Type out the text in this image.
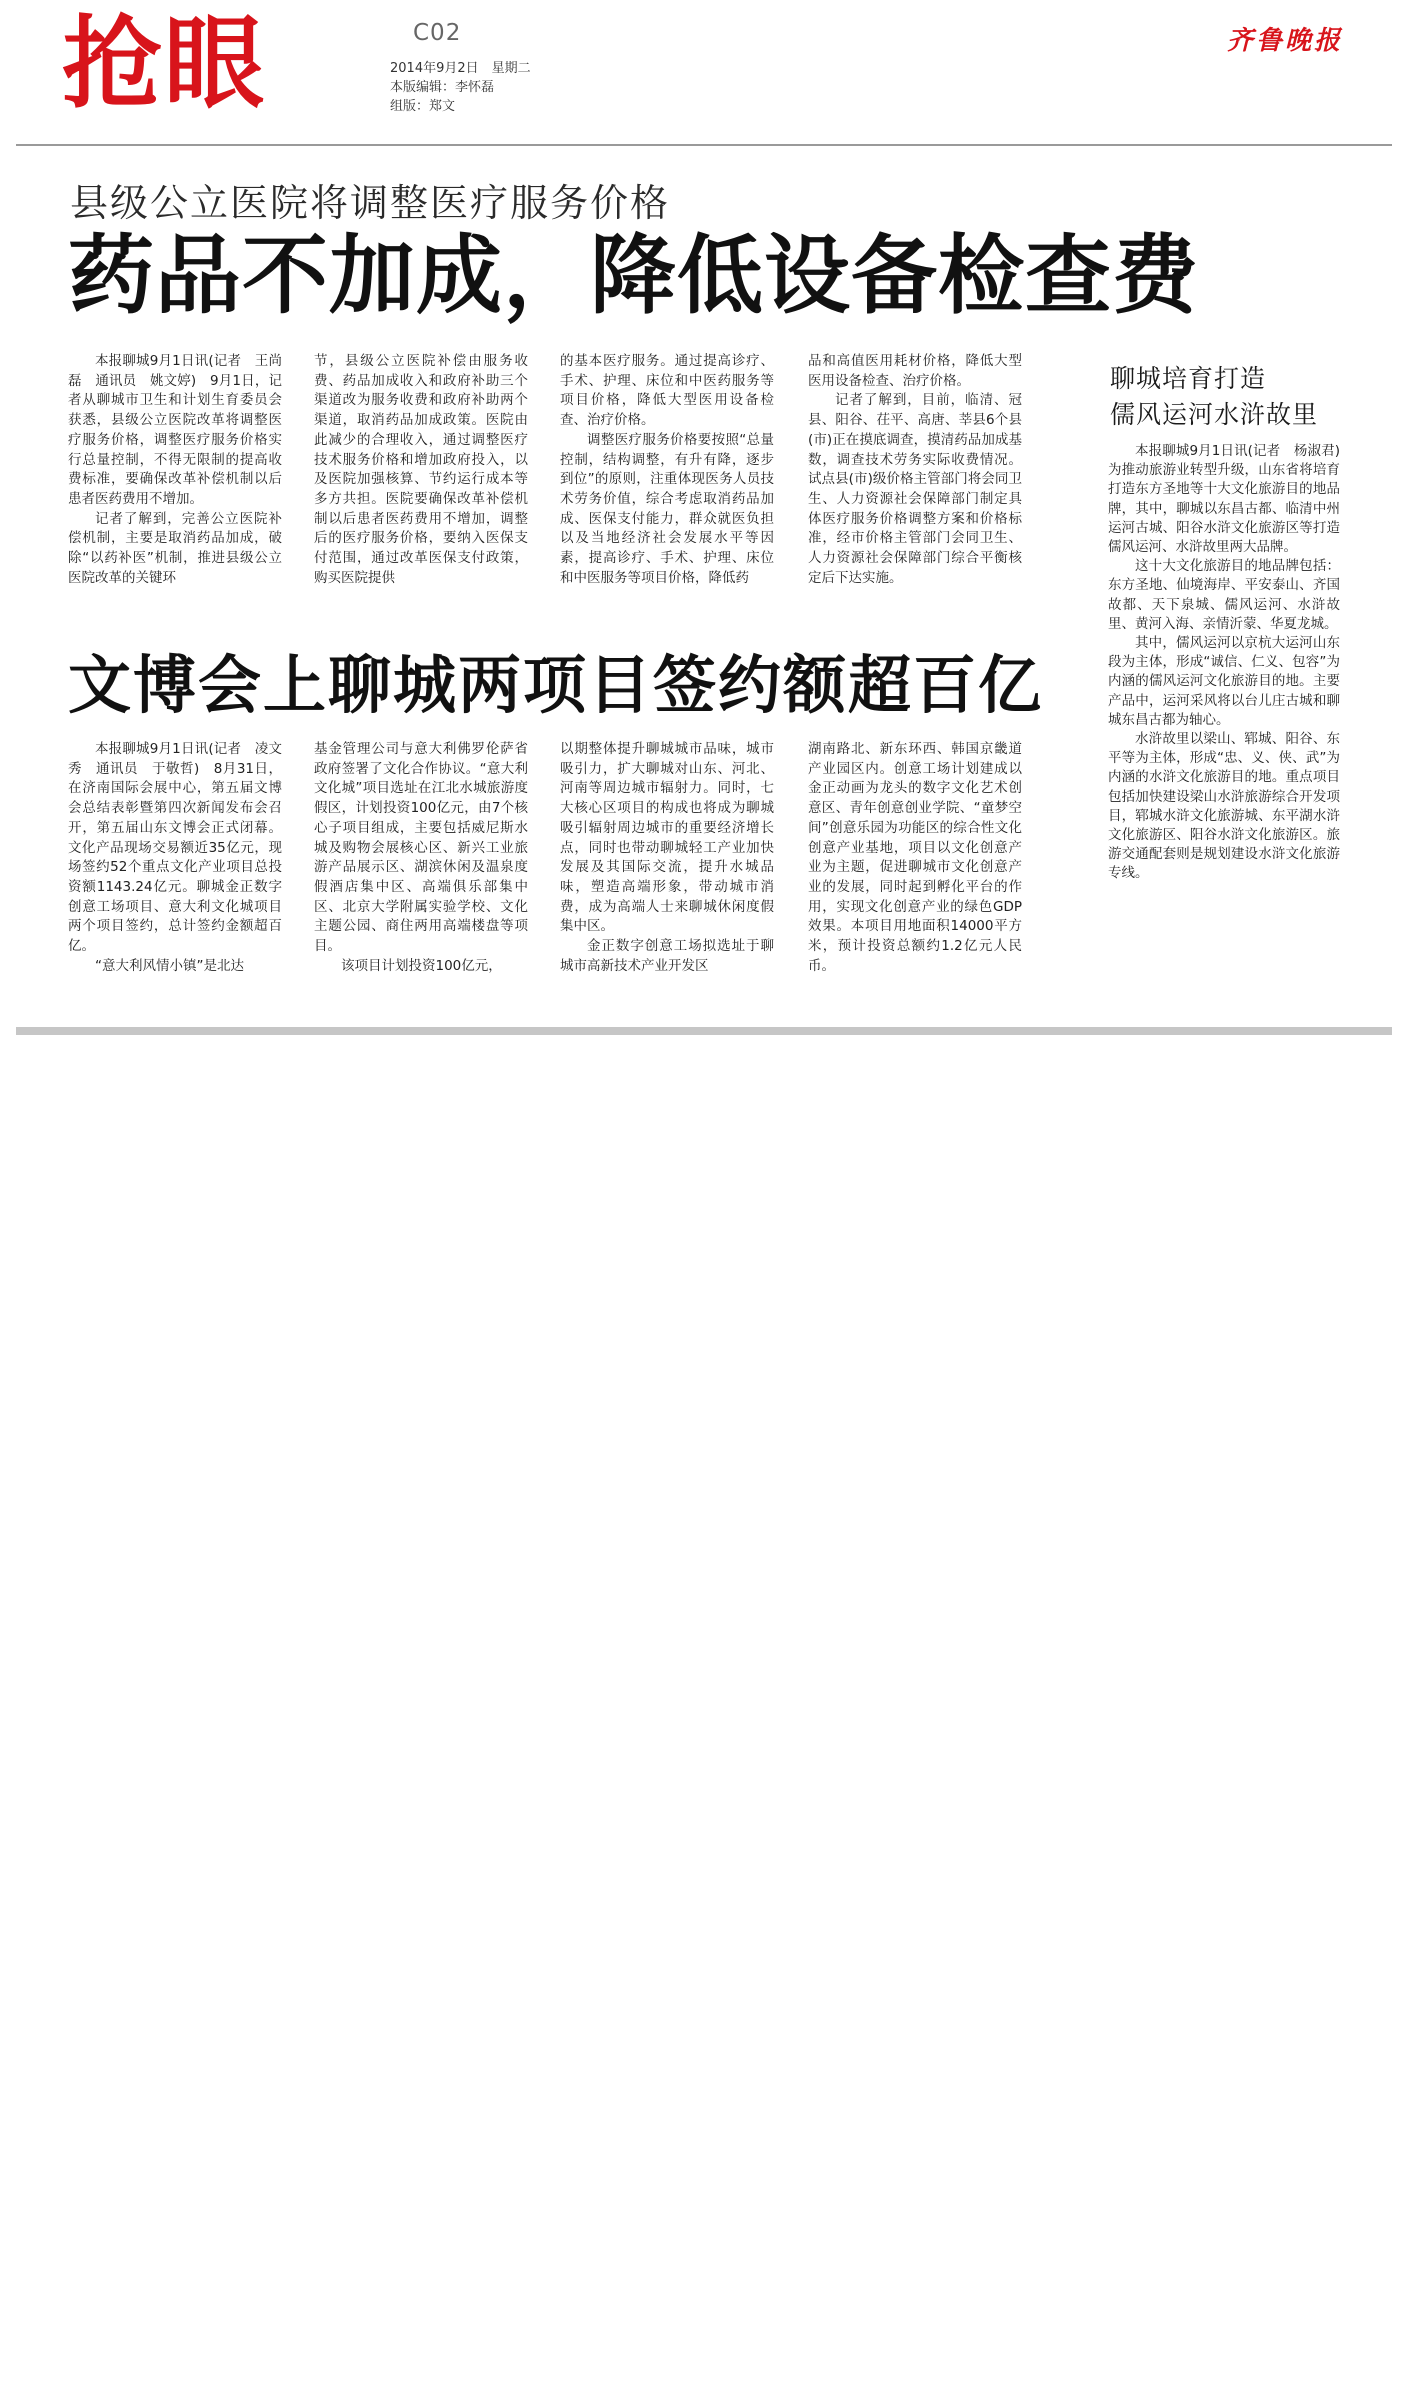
抢眼	C02
2014年9月2日　星期二
本版编辑：李怀磊
组版：郑文
齐鲁晚报
县级公立医院将调整医疗服务价格
药品不加成，降低设备检查费

本报聊城9月1日讯(记者　王尚磊　通讯员　姚文婷)　9月1日，记者从聊城市卫生和计划生育委员会获悉，县级公立医院改革将调整医疗服务价格，调整医疗服务价格实行总量控制，不得无限制的提高收费标准，要确保改革补偿机制以后患者医药费用不增加。

记者了解到，完善公立医院补偿机制，主要是取消药品加成，破除“以药补医”机制，推进县级公立医院改革的关键环

节，县级公立医院补偿由服务收费、药品加成收入和政府补助三个渠道改为服务收费和政府补助两个渠道，取消药品加成政策。医院由此减少的合理收入，通过调整医疗技术服务价格和增加政府投入，以及医院加强核算、节约运行成本等多方共担。医院要确保改革补偿机制以后患者医药费用不增加，调整后的医疗服务价格，要纳入医保支付范围，通过改革医保支付政策，购买医院提供

的基本医疗服务。通过提高诊疗、手术、护理、床位和中医药服务等项目价格，降低大型医用设备检查、治疗价格。

调整医疗服务价格要按照“总量控制，结构调整，有升有降，逐步到位”的原则，注重体现医务人员技术劳务价值，综合考虑取消药品加成、医保支付能力，群众就医负担以及当地经济社会发展水平等因素，提高诊疗、手术、护理、床位和中医服务等项目价格，降低药

品和高值医用耗材价格，降低大型医用设备检查、治疗价格。

记者了解到，目前，临清、冠县、阳谷、茌平、高唐、莘县6个县(市)正在摸底调查，摸清药品加成基数，调查技术劳务实际收费情况。试点县(市)级价格主管部门将会同卫生、人力资源社会保障部门制定具体医疗服务价格调整方案和价格标准，经市价格主管部门会同卫生、人力资源社会保障部门综合平衡核定后下达实施。

文博会上聊城两项目签约额超百亿

本报聊城9月1日讯(记者　凌文秀　通讯员　于敬哲)　8月31日，在济南国际会展中心，第五届文博会总结表彰暨第四次新闻发布会召开，第五届山东文博会正式闭幕。文化产品现场交易额近35亿元，现场签约52个重点文化产业项目总投资额1143.24亿元。聊城金正数字创意工场项目、意大利文化城项目两个项目签约，总计签约金额超百亿。

“意大利风情小镇”是北达

基金管理公司与意大利佛罗伦萨省政府签署了文化合作协议。“意大利文化城”项目选址在江北水城旅游度假区，计划投资100亿元，由7个核心子项目组成，主要包括威尼斯水城及购物会展核心区、新兴工业旅游产品展示区、湖滨休闲及温泉度假酒店集中区、高端俱乐部集中区、北京大学附属实验学校、文化主题公园、商住两用高端楼盘等项目。

该项目计划投资100亿元，

以期整体提升聊城城市品味，城市吸引力，扩大聊城对山东、河北、河南等周边城市辐射力。同时，七大核心区项目的构成也将成为聊城吸引辐射周边城市的重要经济增长点，同时也带动聊城轻工产业加快发展及其国际交流，提升水城品味，塑造高端形象，带动城市消费，成为高端人士来聊城休闲度假集中区。

金正数字创意工场拟选址于聊城市高新技术产业开发区

湖南路北、新东环西、韩国京畿道产业园区内。创意工场计划建成以金正动画为龙头的数字文化艺术创意区、青年创意创业学院、“童梦空间”创意乐园为功能区的综合性文化创意产业基地，项目以文化创意产业为主题，促进聊城市文化创意产业的发展，同时起到孵化平台的作用，实现文化创意产业的绿色GDP效果。本项目用地面积14000平方米，预计投资总额约1.2亿元人民币。

聊城培育打造
儒风运河水浒故里

本报聊城9月1日讯(记者　杨淑君)　为推动旅游业转型升级，山东省将培育打造东方圣地等十大文化旅游目的地品牌，其中，聊城以东昌古都、临清中州运河古城、阳谷水浒文化旅游区等打造儒风运河、水浒故里两大品牌。

这十大文化旅游目的地品牌包括：东方圣地、仙境海岸、平安泰山、齐国故都、天下泉城、儒风运河、水浒故里、黄河入海、亲情沂蒙、华夏龙城。

其中，儒风运河以京杭大运河山东段为主体，形成“诚信、仁义、包容”为内涵的儒风运河文化旅游目的地。主要产品中，运河采风将以台儿庄古城和聊城东昌古都为轴心。

水浒故里以梁山、郓城、阳谷、东平等为主体，形成“忠、义、侠、武”为内涵的水浒文化旅游目的地。重点项目包括加快建设梁山水浒旅游综合开发项目，郓城水浒文化旅游城、东平湖水浒文化旅游区、阳谷水浒文化旅游区。旅游交通配套则是规划建设水浒文化旅游专线。
